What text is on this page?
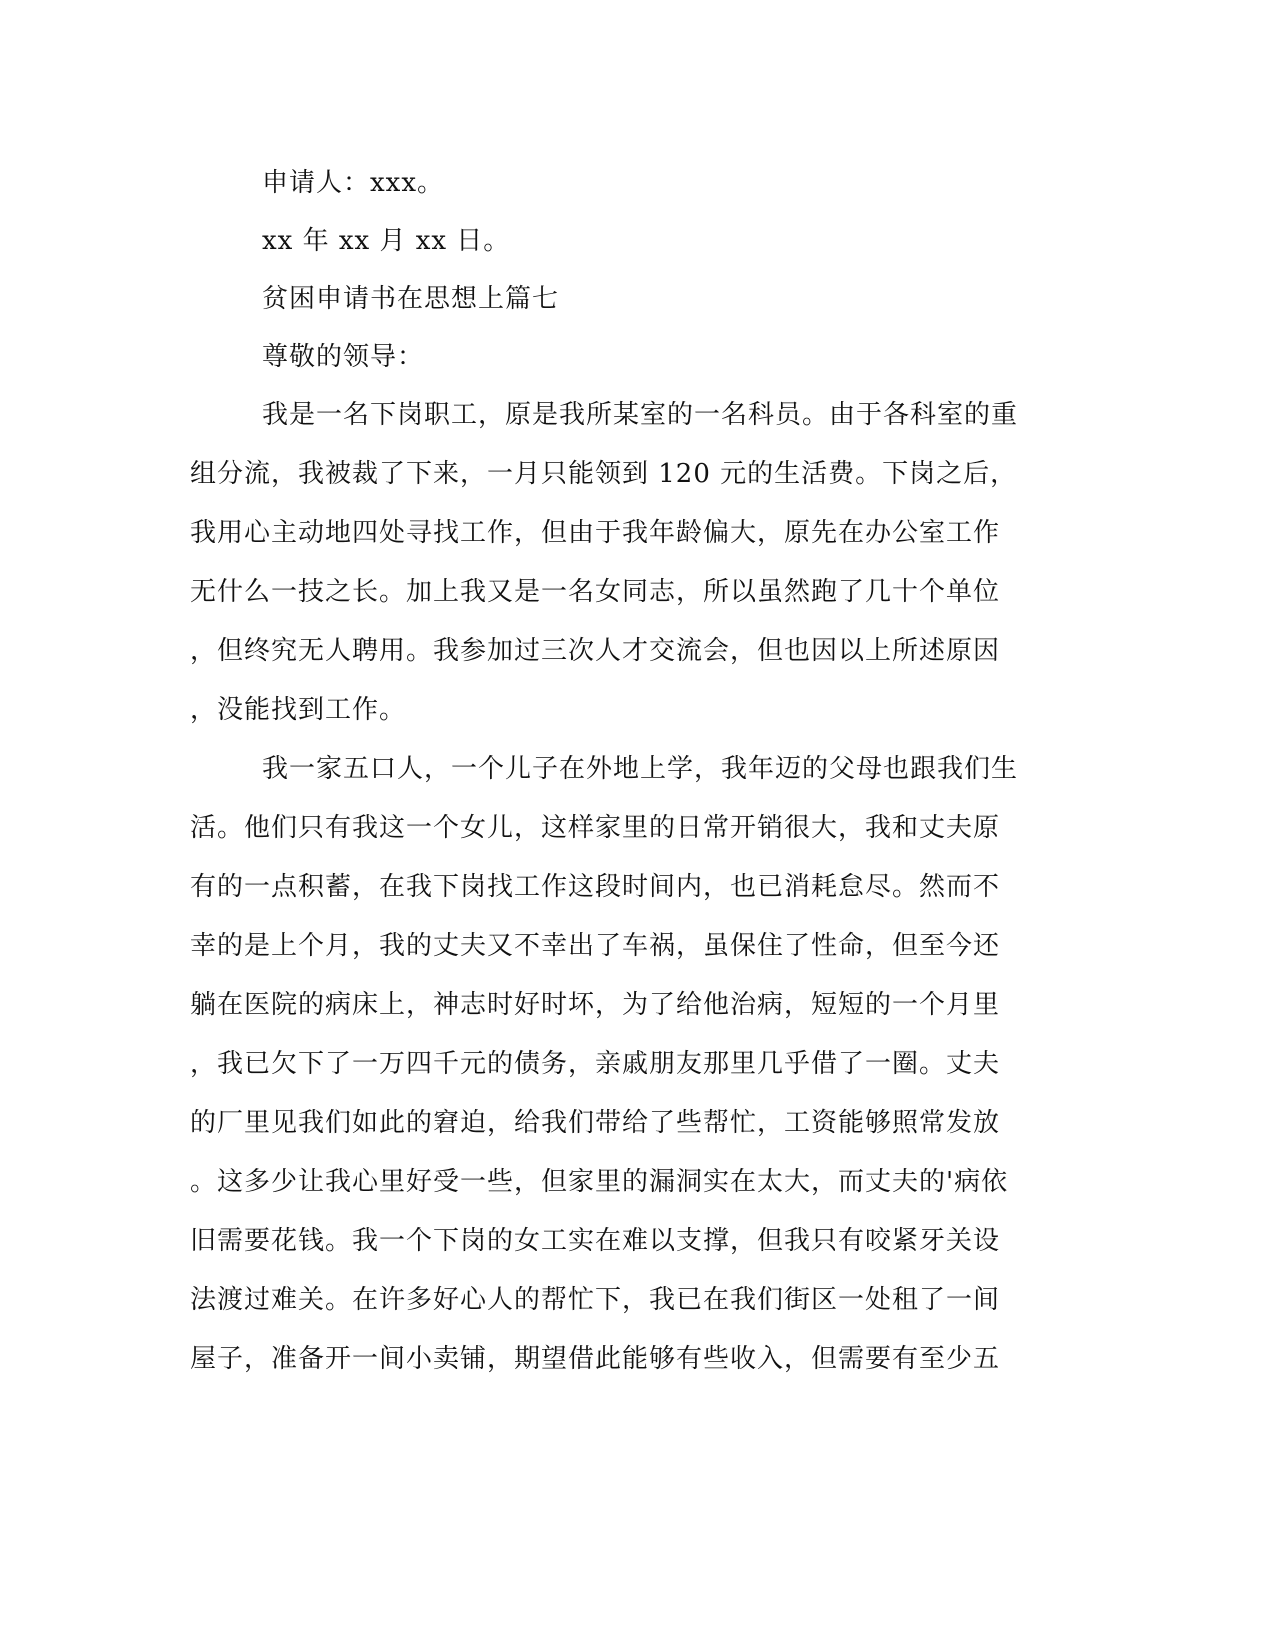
申请人：xxx。
xx 年 xx 月 xx 日。
贫困申请书在思想上篇七
尊敬的领导：
我是一名下岗职工，原是我所某室的一名科员。由于各科室的重
组分流，我被裁了下来，一月只能领到 120 元的生活费。下岗之后，
我用心主动地四处寻找工作，但由于我年龄偏大，原先在办公室工作
无什么一技之长。加上我又是一名女同志，所以虽然跑了几十个单位
，但终究无人聘用。我参加过三次人才交流会，但也因以上所述原因
，没能找到工作。
我一家五口人，一个儿子在外地上学，我年迈的父母也跟我们生
活。他们只有我这一个女儿，这样家里的日常开销很大，我和丈夫原
有的一点积蓄，在我下岗找工作这段时间内，也已消耗怠尽。然而不
幸的是上个月，我的丈夫又不幸出了车祸，虽保住了性命，但至今还
躺在医院的病床上，神志时好时坏，为了给他治病，短短的一个月里
，我已欠下了一万四千元的债务，亲戚朋友那里几乎借了一圈。丈夫
的厂里见我们如此的窘迫，给我们带给了些帮忙，工资能够照常发放
。这多少让我心里好受一些，但家里的漏洞实在太大，而丈夫的'病依
旧需要花钱。我一个下岗的女工实在难以支撑，但我只有咬紧牙关设
法渡过难关。在许多好心人的帮忙下，我已在我们街区一处租了一间
屋子，准备开一间小卖铺，期望借此能够有些收入，但需要有至少五
